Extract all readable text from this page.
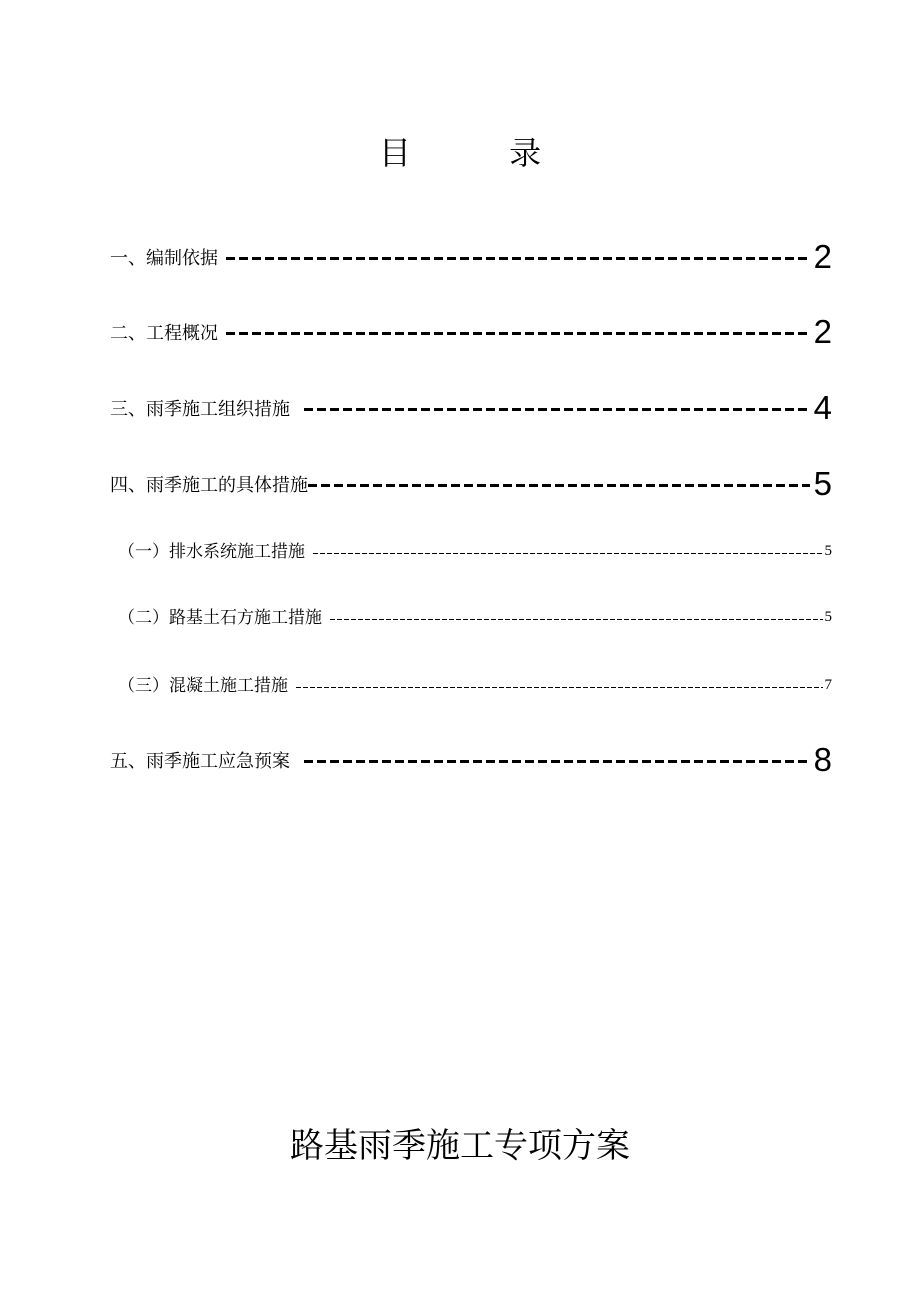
目 录
一、编制依据	2
二、工程概况	2
三、雨季施工组织措施	4
四、雨季施工的具体措施	5
（一）排水系统施工措施	5
（二）路基土石方施工措施	5
（三）混凝土施工措施	7
五、雨季施工应急预案	8
路基雨季施工专项方案
